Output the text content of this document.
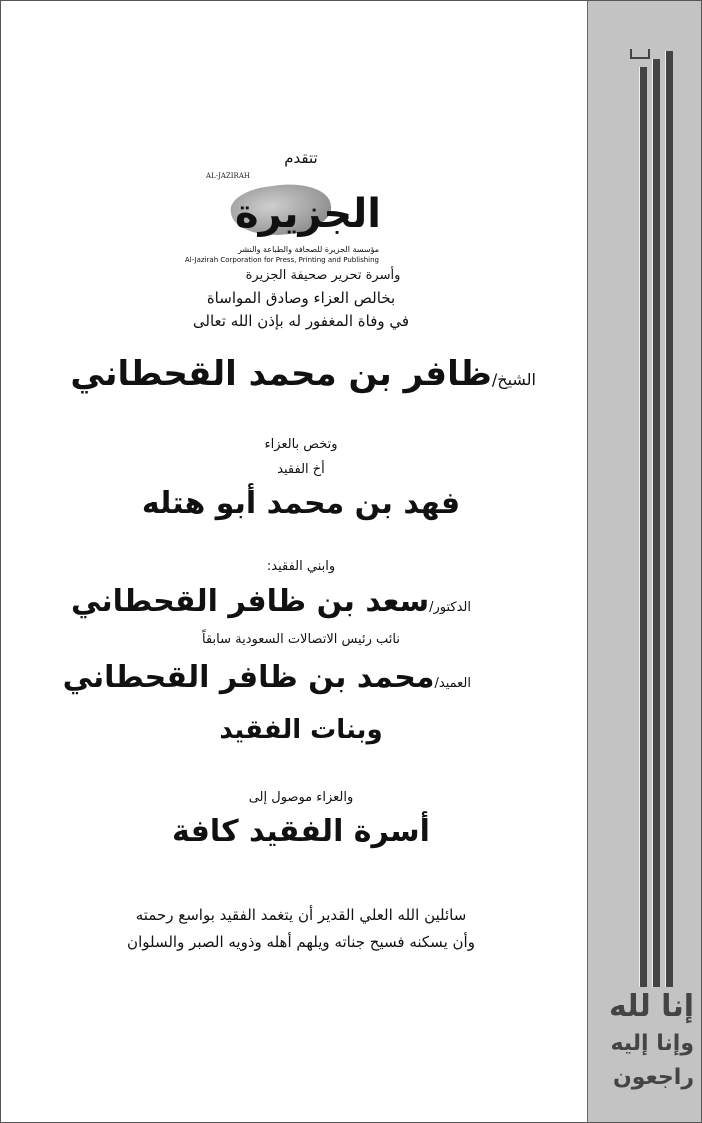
تتقدم
AL-JAZIRAH
الجزيرة
مؤسسة الجزيرة للصحافة والطباعة والنشر
Al-Jazirah Corporation for Press, Printing and Publishing
وأسرة تحرير صحيفة الجزيرة
بخالص العزاء وصادق المواساة
في وفاة المغفور له بإذن الله تعالى
الشيخ/ظافر بن محمد القحطاني
وتخص بالعزاء
أخ الفقيد
فهد بن محمد أبو هتله
وابني الفقيد:
الدكتور/سعد بن ظافر القحطاني
نائب رئيس الاتصالات السعودية سابقاً
العميد/محمد بن ظافر القحطاني
وبنات الفقيد
والعزاء موصول إلى
أسرة الفقيد كافة
سائلين الله العلي القدير أن يتغمد الفقيد بواسع رحمته
وأن يسكنه فسيح جناته ويلهم أهله وذويه الصبر والسلوان
إنا لله
وإنا إليه
راجعون
